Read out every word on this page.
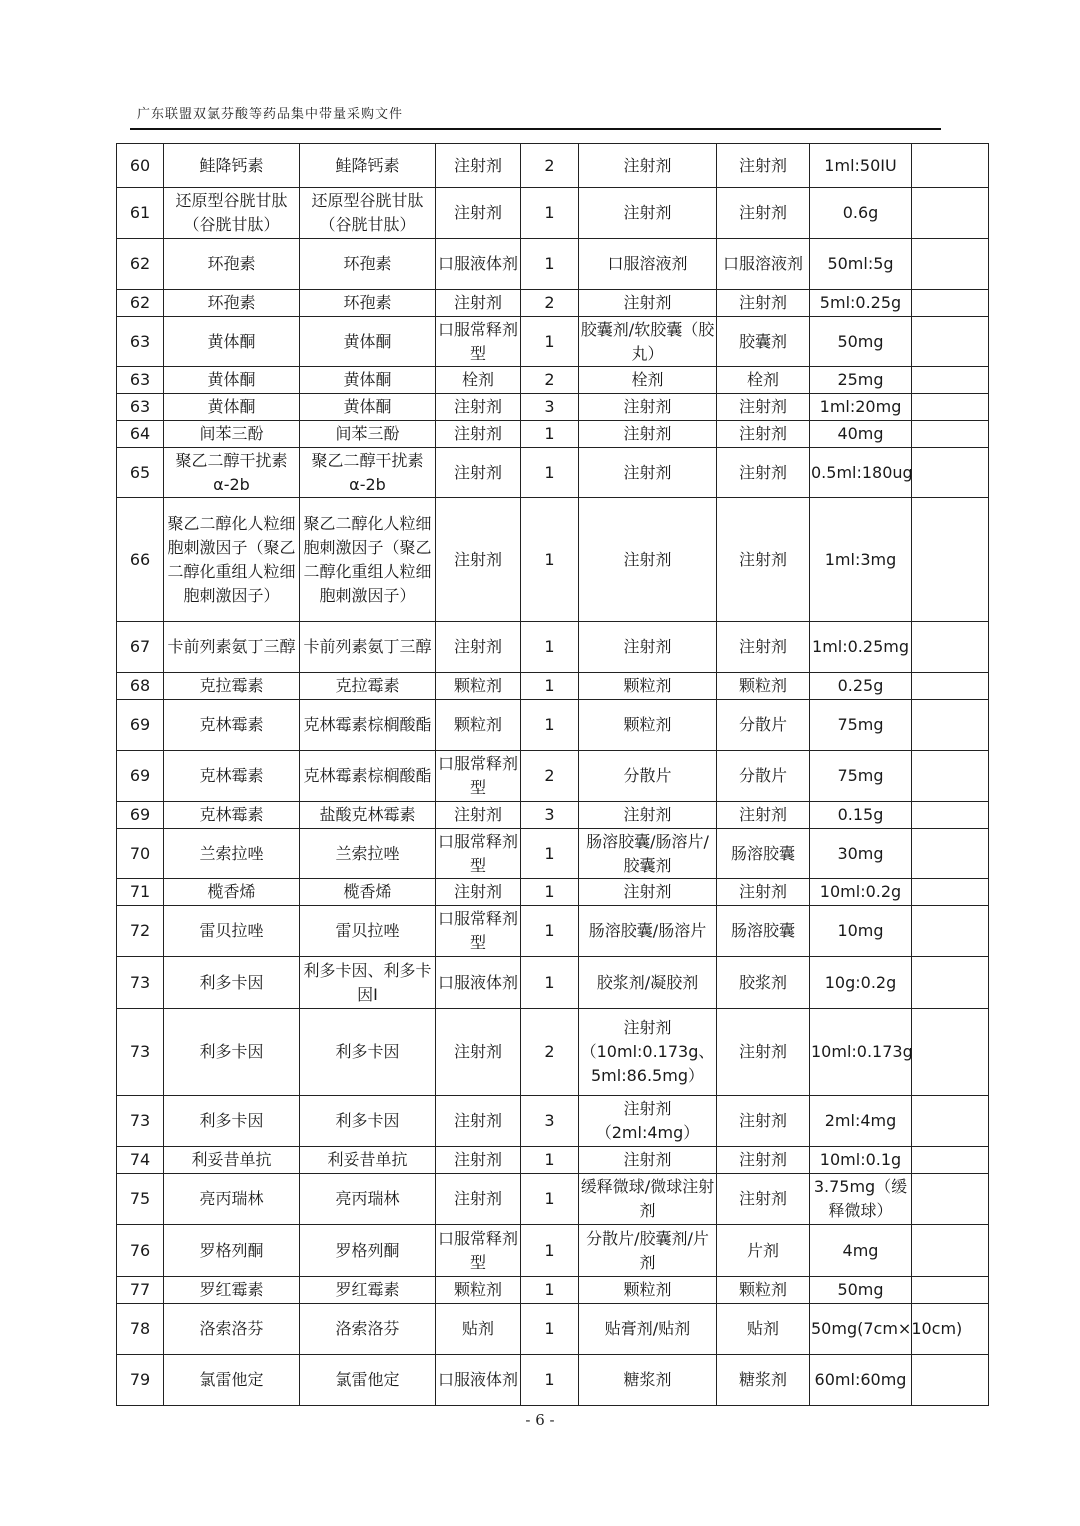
广东联盟双氯芬酸等药品集中带量采购文件
60	鲑降钙素	鲑降钙素	注射剂	2	注射剂	注射剂	1ml:50IU	
61	还原型谷胱甘肽（谷胱甘肽）	还原型谷胱甘肽（谷胱甘肽）	注射剂	1	注射剂	注射剂	0.6g	
62	环孢素	环孢素	口服液体剂	1	口服溶液剂	口服溶液剂	50ml:5g	
62	环孢素	环孢素	注射剂	2	注射剂	注射剂	5ml:0.25g	
63	黄体酮	黄体酮	口服常释剂型	1	胶囊剂/软胶囊（胶丸）	胶囊剂	50mg	
63	黄体酮	黄体酮	栓剂	2	栓剂	栓剂	25mg	
63	黄体酮	黄体酮	注射剂	3	注射剂	注射剂	1ml:20mg	
64	间苯三酚	间苯三酚	注射剂	1	注射剂	注射剂	40mg	
65	聚乙二醇干扰素α-2b	聚乙二醇干扰素α-2b	注射剂	1	注射剂	注射剂	0.5ml:180ug	
66	聚乙二醇化人粒细胞刺激因子（聚乙二醇化重组人粒细胞刺激因子）	聚乙二醇化人粒细胞刺激因子（聚乙二醇化重组人粒细胞刺激因子）	注射剂	1	注射剂	注射剂	1ml:3mg	
67	卡前列素氨丁三醇	卡前列素氨丁三醇	注射剂	1	注射剂	注射剂	1ml:0.25mg	
68	克拉霉素	克拉霉素	颗粒剂	1	颗粒剂	颗粒剂	0.25g	
69	克林霉素	克林霉素棕榈酸酯	颗粒剂	1	颗粒剂	分散片	75mg	
69	克林霉素	克林霉素棕榈酸酯	口服常释剂型	2	分散片	分散片	75mg	
69	克林霉素	盐酸克林霉素	注射剂	3	注射剂	注射剂	0.15g	
70	兰索拉唑	兰索拉唑	口服常释剂型	1	肠溶胶囊/肠溶片/胶囊剂	肠溶胶囊	30mg	
71	榄香烯	榄香烯	注射剂	1	注射剂	注射剂	10ml:0.2g	
72	雷贝拉唑	雷贝拉唑	口服常释剂型	1	肠溶胶囊/肠溶片	肠溶胶囊	10mg	
73	利多卡因	利多卡因、利多卡因Ⅰ	口服液体剂	1	胶浆剂/凝胶剂	胶浆剂	10g:0.2g	
73	利多卡因	利多卡因	注射剂	2	注射剂（10ml:0.173g、5ml:86.5mg）	注射剂	10ml:0.173g	
73	利多卡因	利多卡因	注射剂	3	注射剂（2ml:4mg）	注射剂	2ml:4mg	
74	利妥昔单抗	利妥昔单抗	注射剂	1	注射剂	注射剂	10ml:0.1g	
75	亮丙瑞林	亮丙瑞林	注射剂	1	缓释微球/微球注射剂	注射剂	3.75mg（缓释微球）	
76	罗格列酮	罗格列酮	口服常释剂型	1	分散片/胶囊剂/片剂	片剂	4mg	
77	罗红霉素	罗红霉素	颗粒剂	1	颗粒剂	颗粒剂	50mg	
78	洛索洛芬	洛索洛芬	贴剂	1	贴膏剂/贴剂	贴剂	50mg(7cm×10cm)	
79	氯雷他定	氯雷他定	口服液体剂	1	糖浆剂	糖浆剂	60ml:60mg	
- 6 -
